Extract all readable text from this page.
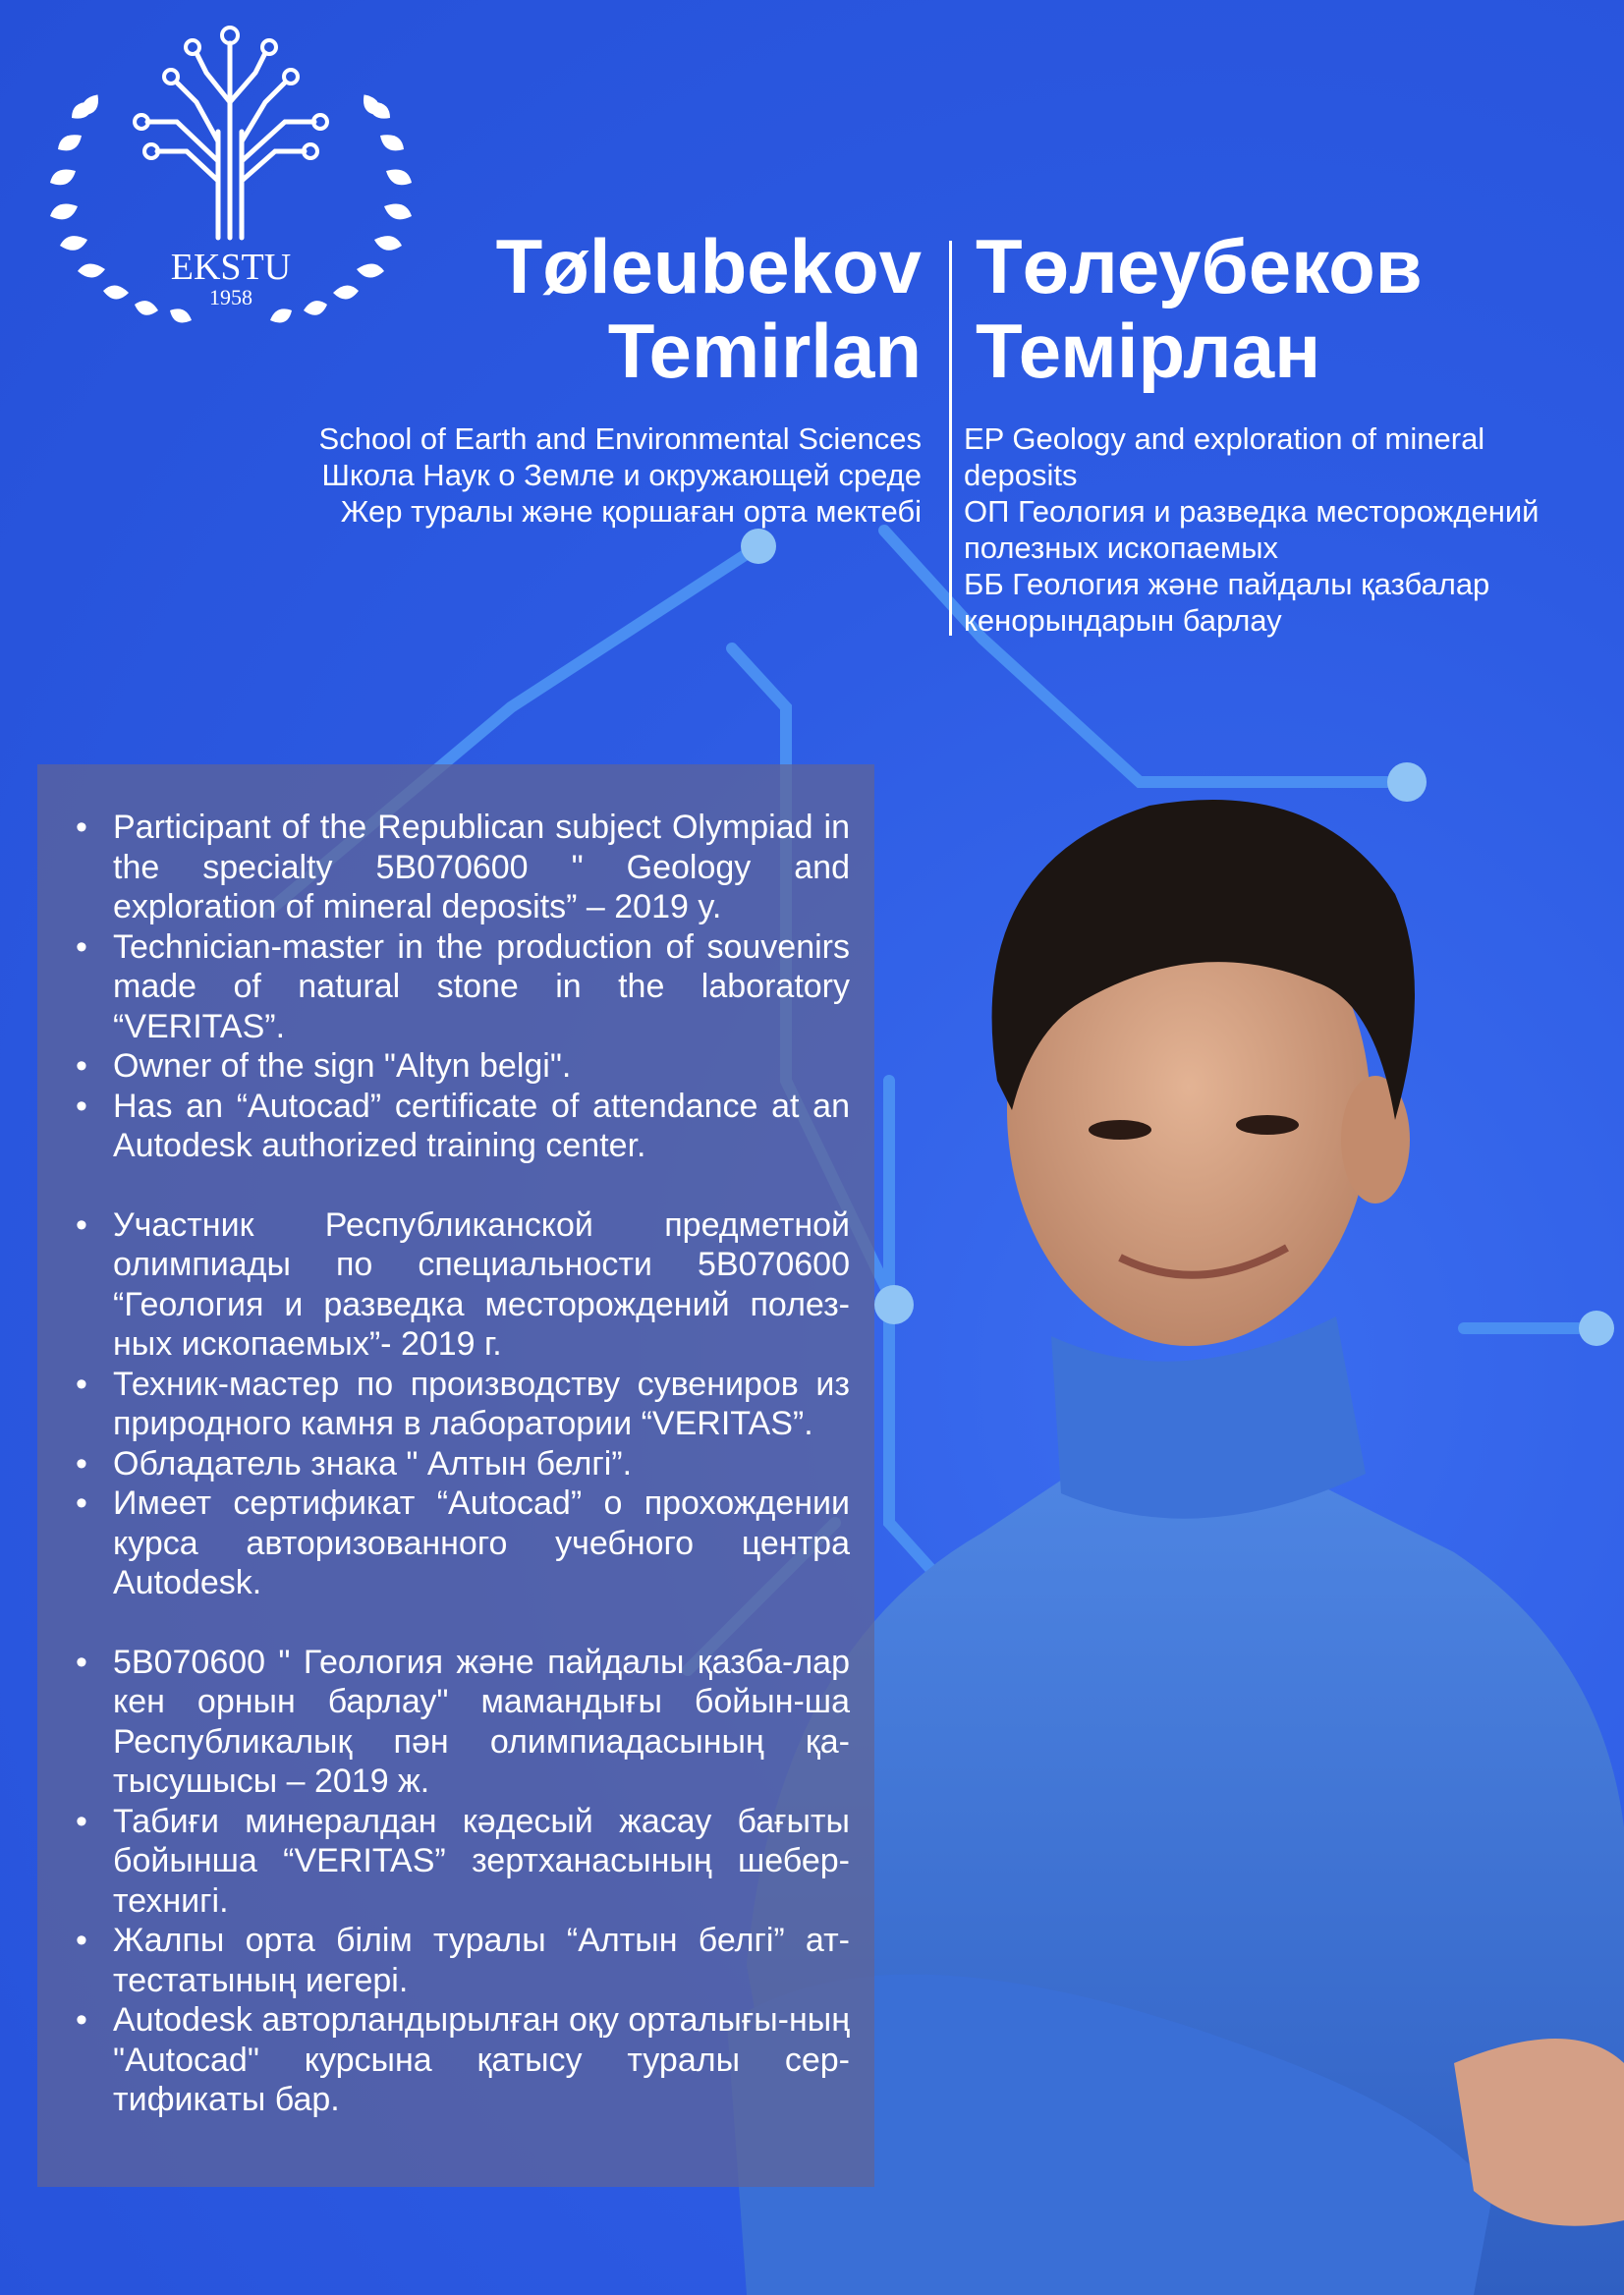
EKSTU
1958	Tøleubekov
Temirlan
Төлеубеков
Темірлан
School of Earth and Environmental Sciences
Школа Наук о Земле и окружающей среде
Жер туралы және қоршаған орта мектебі
EP Geology and exploration of mineral
deposits
ОП Геология и разведка месторождений
полезных ископаемых
ББ Геология және пайдалы қазбалар
кенорындарын барлау
• Participant of the Republican subject Olympiad in the specialty 5B070600 " Geology and exploration of mineral deposits” – 2019 y.
• Technician-master in the production of souvenirs made of natural stone in the laboratory “VERITAS”.
• Owner of the sign "Altyn belgi".
• Has an “Autocad” certificate of attendance at an Autodesk authorized training center.
• Участник Республиканской предметной олимпиады по специальности 5В070600 “Геология и разведка месторождений полез-ных ископаемых”- 2019 г.
• Техник-мастер по производству сувениров из природного камня в лаборатории “VERITAS”.
• Обладатель знака " Алтын белгі”.
• Имеет сертификат “Autocad” о прохождении курса авторизованного учебного центра Autodesk.
• 5В070600 " Геология және пайдалы қазба-лар кен орнын барлау" мамандығы бойын-ша Республикалық пән олимпиадасының қа-тысушысы – 2019 ж.
• Табиғи минералдан кәдесый жасау бағыты бойынша “VERITAS” зертханасының шебер-технигі.
• Жалпы орта білім туралы “Алтын белгі” ат-тестатының иегері.
• Autodesk авторландырылған оқу орталығы-ның "Autocad" курсына қатысу туралы сер-тификаты бар.
